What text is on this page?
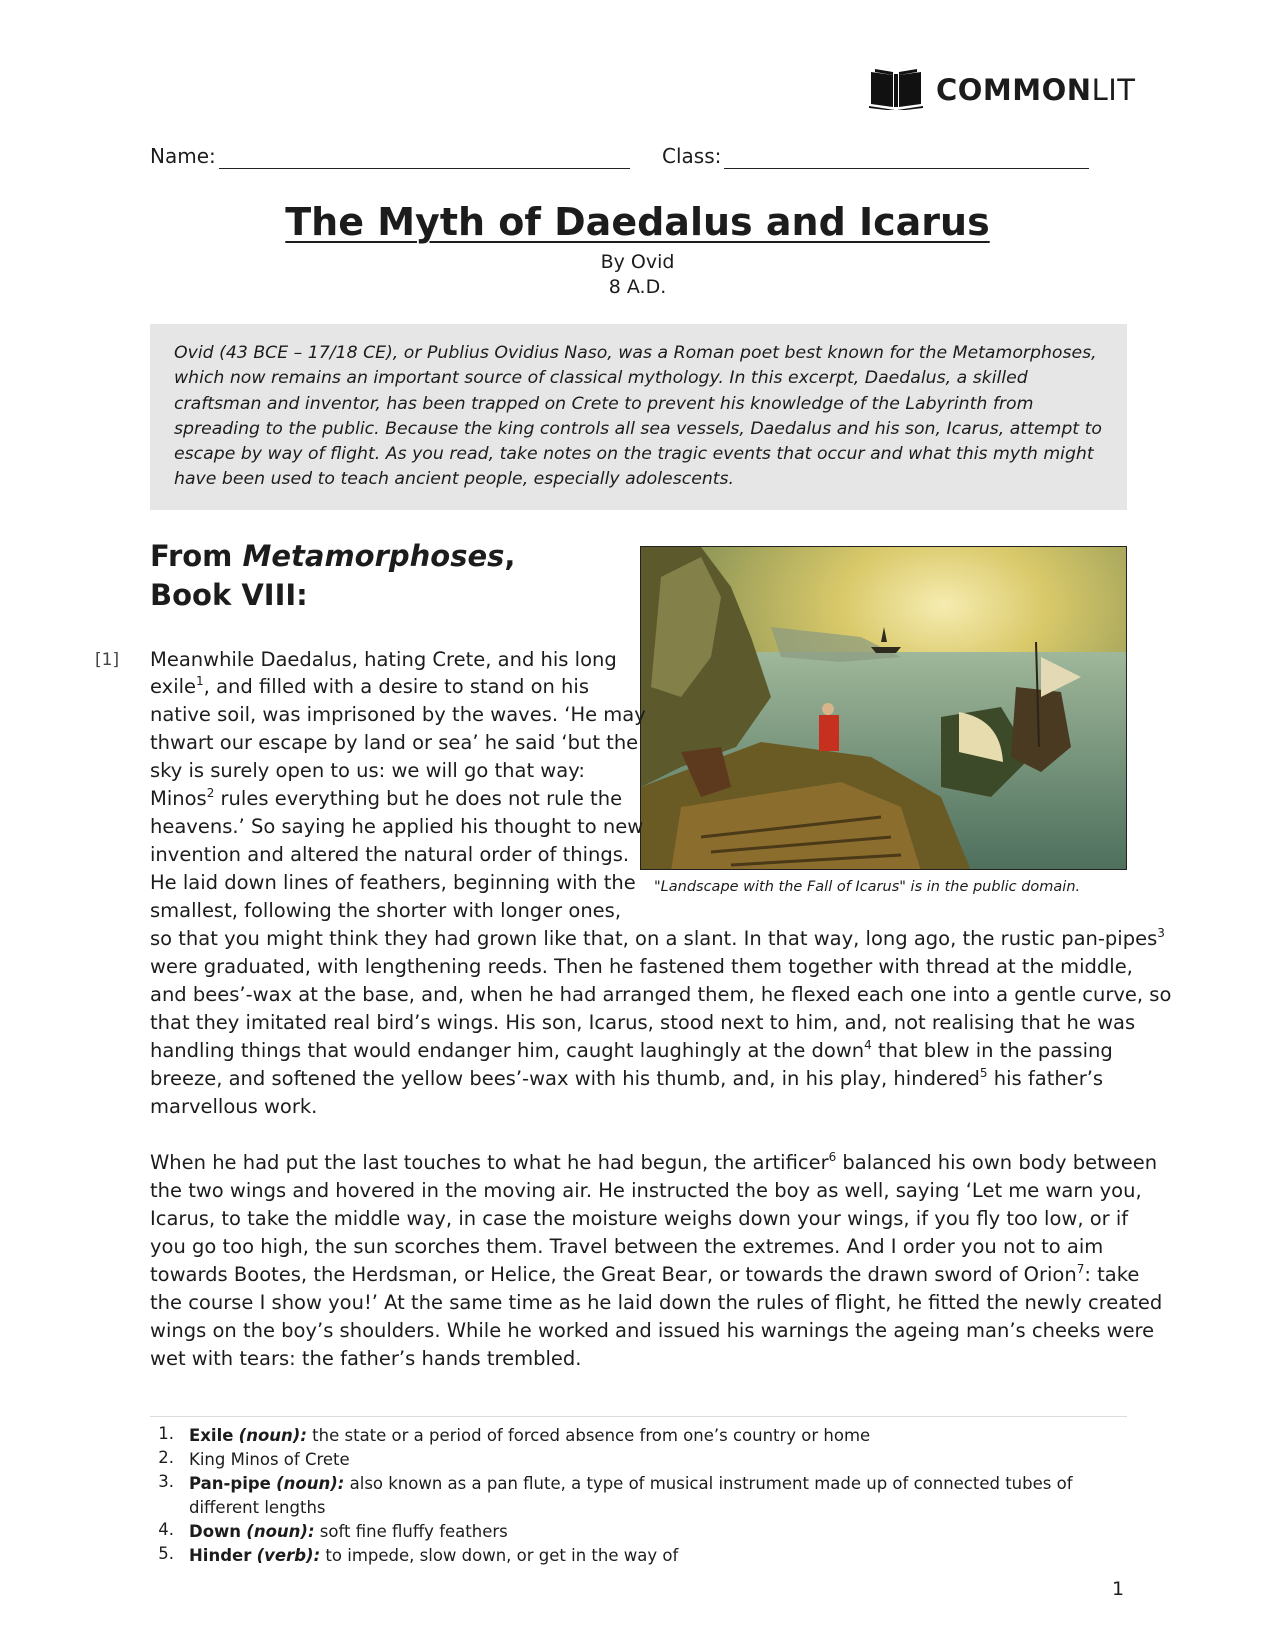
COMMONLIT
Name:	Class:
The Myth of Daedalus and Icarus
By Ovid
8 A.D.

Ovid (43 BCE – 17/18 CE), or Publius Ovidius Naso, was a Roman poet best known for the Metamorphoses, which now remains an important source of classical mythology. In this excerpt, Daedalus, a skilled craftsman and inventor, has been trapped on Crete to prevent his knowledge of the Labyrinth from spreading to the public. Because the king controls all sea vessels, Daedalus and his son, Icarus, attempt to escape by way of flight. As you read, take notes on the tragic events that occur and what this myth might have been used to teach ancient people, especially adolescents.

From Metamorphoses, Book VIII:
"Landscape with the Fall of Icarus" is in the public domain.
[1] Meanwhile Daedalus, hating Crete, and his long
exile$^1$, and filled with a desire to stand on his
native soil, was imprisoned by the waves. ‘He may
thwart our escape by land or sea’ he said ‘but the
sky is surely open to us: we will go that way:
Minos$^2$ rules everything but he does not rule the
heavens.’ So saying he applied his thought to new
invention and altered the natural order of things.
He laid down lines of feathers, beginning with the
smallest, following the shorter with longer ones,
so that you might think they had grown like that, on a slant. In that way, long ago, the rustic pan-pipes$^3$
were graduated, with lengthening reeds. Then he fastened them together with thread at the middle,
and bees’-wax at the base, and, when he had arranged them, he flexed each one into a gentle curve, so
that they imitated real bird’s wings. His son, Icarus, stood next to him, and, not realising that he was
handling things that would endanger him, caught laughingly at the down$^4$ that blew in the passing
breeze, and softened the yellow bees’-wax with his thumb, and, in his play, hindered$^5$ his father’s
marvellous work.
When he had put the last touches to what he had begun, the artificer$^6$ balanced his own body between
the two wings and hovered in the moving air. He instructed the boy as well, saying ‘Let me warn you,
Icarus, to take the middle way, in case the moisture weighs down your wings, if you fly too low, or if
you go too high, the sun scorches them. Travel between the extremes. And I order you not to aim
towards Bootes, the Herdsman, or Helice, the Great Bear, or towards the drawn sword of Orion$^7$: take
the course I show you!’ At the same time as he laid down the rules of flight, he fitted the newly created
wings on the boy’s shoulders. While he worked and issued his warnings the ageing man’s cheeks were
wet with tears: the father’s hands trembled.
1. Exile (noun): the state or a period of forced absence from one’s country or home
2. King Minos of Crete
3. Pan-pipe (noun): also known as a pan flute, a type of musical instrument made up of connected tubes of different lengths
4. Down (noun): soft fine fluffy feathers
5. Hinder (verb): to impede, slow down, or get in the way of
1
